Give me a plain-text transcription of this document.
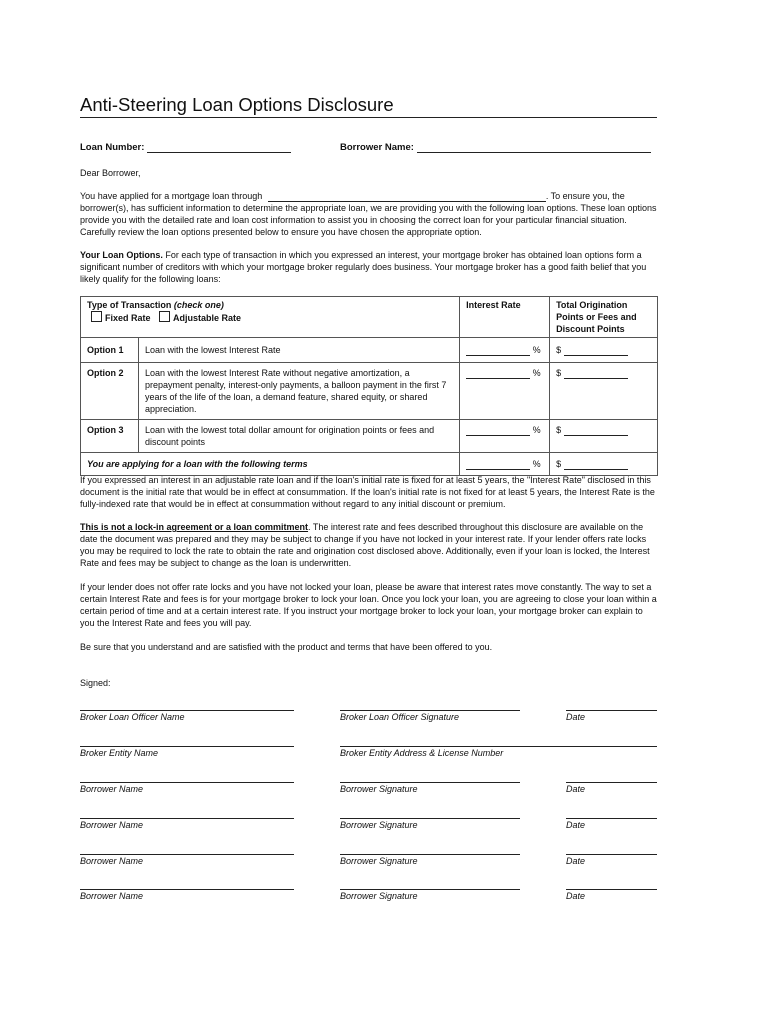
Anti-Steering Loan Options Disclosure
Loan Number:	Borrower Name:
Dear Borrower,
You have applied for a mortgage loan through	. To ensure you, the borrower(s), has sufficient information to determine the appropriate loan, we are providing you with the following loan options. These loan options provide you with the detailed rate and loan cost information to assist you in choosing the correct loan for your particular financial situation. Carefully review the loan options presented below to ensure you have chosen the appropriate option.
Your Loan Options. For each type of transaction in which you expressed an interest, your mortgage broker has obtained loan options form a significant number of creditors with which your mortgage broker regularly does business. Your mortgage broker has a good faith belief that you likely qualify for the following loans:
Type of Transaction (check one)
Fixed Rate Adjustable Rate		Interest Rate	Total Origination Points or Fees and Discount Points
Option 1	Loan with the lowest Interest Rate	%	$
Option 2	Loan with the lowest Interest Rate without negative amortization, a prepayment penalty, interest-only payments, a balloon payment in the first 7 years of the life of the loan, a demand feature, shared equity, or shared appreciation.	%	$
Option 3	Loan with the lowest total dollar amount for origination points or fees and discount points	%	$
You are applying for a loan with the following terms		%	$
If you expressed an interest in an adjustable rate loan and if the loan's initial rate is fixed for at least 5 years, the "Interest Rate" disclosed in this document is the initial rate that would be in effect at consummation. If the loan's initial rate is not fixed for at least 5 years, the Interest Rate is the fully-indexed rate that would be in effect at consummation without regard to any initial discount or premium.
This is not a lock-in agreement or a loan commitment. The interest rate and fees described throughout this disclosure are available on the date the document was prepared and they may be subject to change if you have not locked in your interest rate. If your lender offers rate locks you may be required to lock the rate to obtain the rate and origination cost disclosed above. Additionally, even if your loan is locked, the Interest Rate and fees may be subject to change as the loan is underwritten.
If your lender does not offer rate locks and you have not locked your loan, please be aware that interest rates move constantly. The way to set a certain Interest Rate and fees is for your mortgage broker to lock your loan. Once you lock your loan, you are agreeing to close your loan within a certain period of time and at a certain interest rate. If you instruct your mortgage broker to lock your loan, your mortgage broker can explain to you the Interest Rate and fees you will pay.
Be sure that you understand and are satisfied with the product and terms that have been offered to you.
Signed:
Broker Loan Officer Name	Broker Loan Officer Signature	Date
Broker Entity Name	Broker Entity Address & License Number
Borrower Name	Borrower Signature	Date
Borrower Name	Borrower Signature	Date
Borrower Name	Borrower Signature	Date
Borrower Name	Borrower Signature	Date
